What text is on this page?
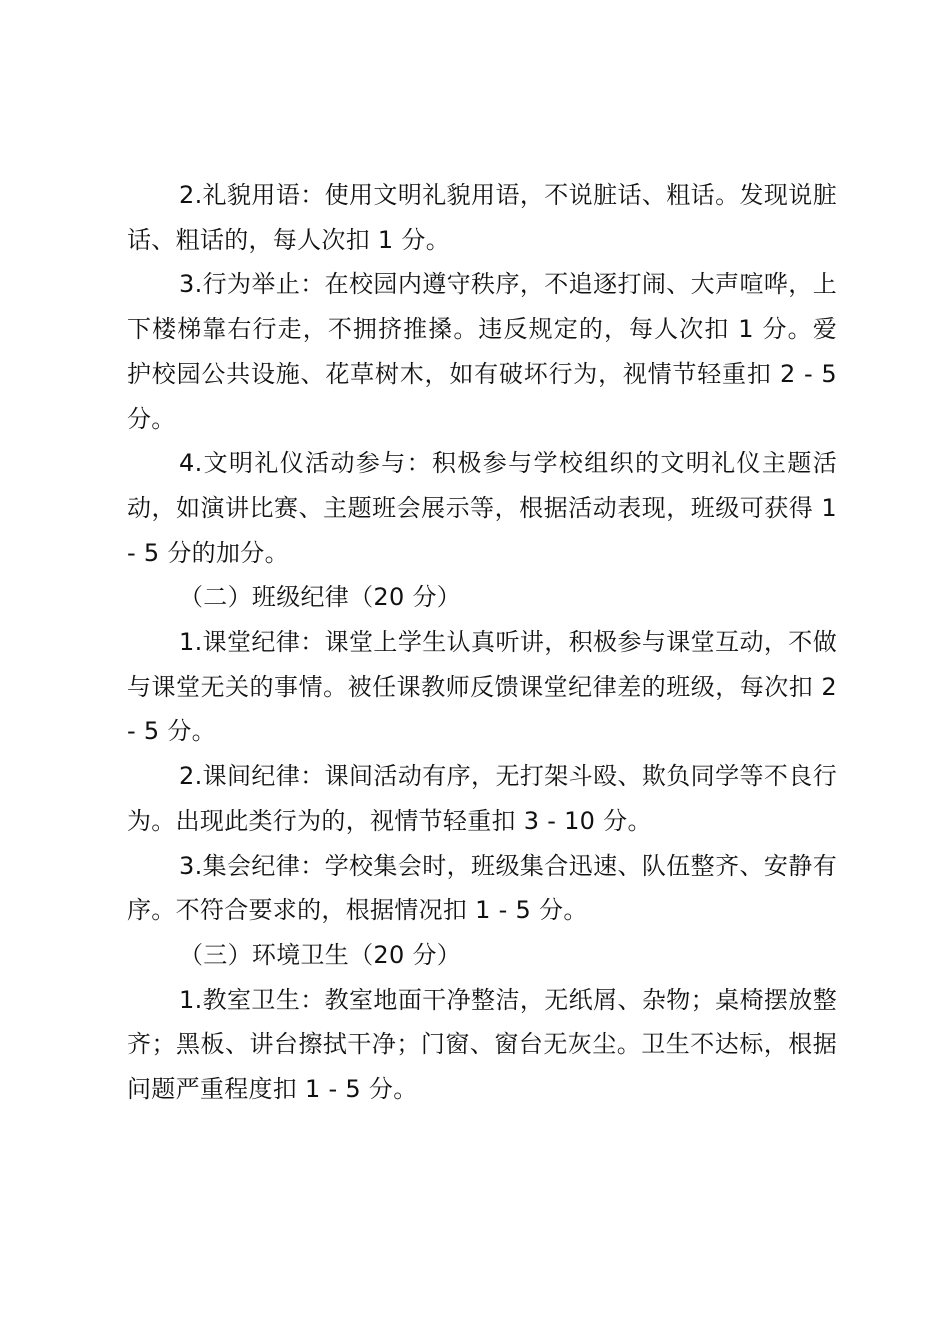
2.礼貌用语：使用文明礼貌用语，不说脏话、粗话。发现说脏话、粗话的，每人次扣 1 分。

3.行为举止：在校园内遵守秩序，不追逐打闹、大声喧哗，上下楼梯靠右行走，不拥挤推搡。违反规定的，每人次扣 1 分。爱护校园公共设施、花草树木，如有破坏行为，视情节轻重扣 2 - 5 分。

4.文明礼仪活动参与：积极参与学校组织的文明礼仪主题活动，如演讲比赛、主题班会展示等，根据活动表现，班级可获得 1 - 5 分的加分。

（二）班级纪律（20 分）

1.课堂纪律：课堂上学生认真听讲，积极参与课堂互动，不做与课堂无关的事情。被任课教师反馈课堂纪律差的班级，每次扣 2 - 5 分。

2.课间纪律：课间活动有序，无打架斗殴、欺负同学等不良行为。出现此类行为的，视情节轻重扣 3 - 10 分。

3.集会纪律：学校集会时，班级集合迅速、队伍整齐、安静有序。不符合要求的，根据情况扣 1 - 5 分。

（三）环境卫生（20 分）

1.教室卫生：教室地面干净整洁，无纸屑、杂物；桌椅摆放整齐；黑板、讲台擦拭干净；门窗、窗台无灰尘。卫生不达标，根据问题严重程度扣 1 - 5 分。
